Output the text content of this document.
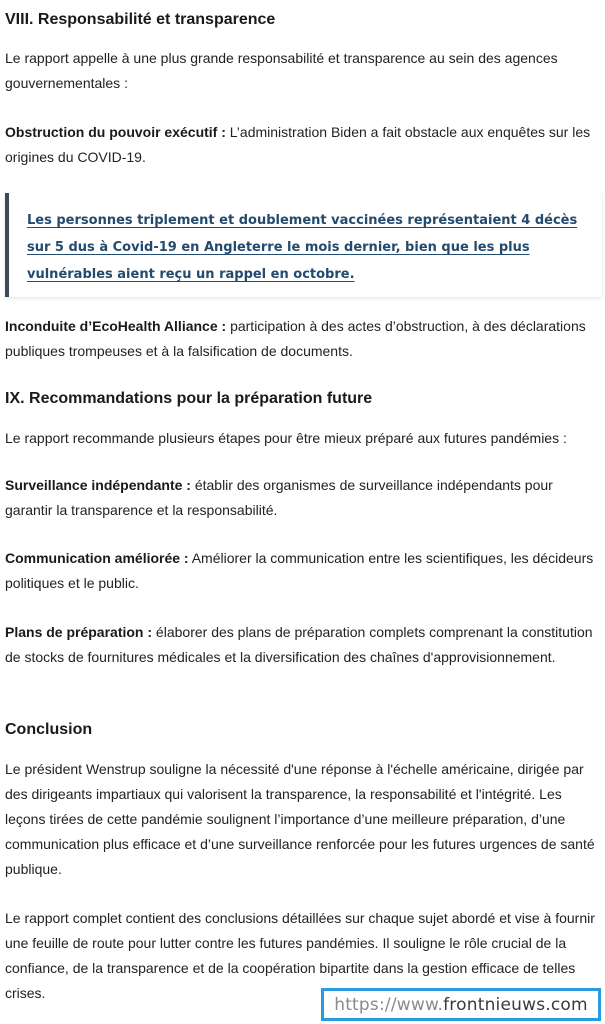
VIII. Responsabilité et transparence

Le rapport appelle à une plus grande responsabilité et transparence au sein des agences gouvernementales :

Obstruction du pouvoir exécutif : L’administration Biden a fait obstacle aux enquêtes sur les origines du COVID-19.

Les personnes triplement et doublement vaccinées représentaient 4 décès sur 5 dus à Covid-19 en Angleterre le mois dernier, bien que les plus vulnérables aient reçu un rappel en octobre.

Inconduite d’EcoHealth Alliance : participation à des actes d’obstruction, à des déclarations publiques trompeuses et à la falsification de documents.

IX. Recommandations pour la préparation future

Le rapport recommande plusieurs étapes pour être mieux préparé aux futures pandémies :

Surveillance indépendante : établir des organismes de surveillance indépendants pour garantir la transparence et la responsabilité.

Communication améliorée : Améliorer la communication entre les scientifiques, les décideurs politiques et le public.

Plans de préparation : élaborer des plans de préparation complets comprenant la constitution de stocks de fournitures médicales et la diversification des chaînes d'approvisionnement.

Conclusion

Le président Wenstrup souligne la nécessité d'une réponse à l'échelle américaine, dirigée par des dirigeants impartiaux qui valorisent la transparence, la responsabilité et l'intégrité. Les leçons tirées de cette pandémie soulignent l’importance d’une meilleure préparation, d’une communication plus efficace et d’une surveillance renforcée pour les futures urgences de santé publique.

Le rapport complet contient des conclusions détaillées sur chaque sujet abordé et vise à fournir une feuille de route pour lutter contre les futures pandémies. Il souligne le rôle crucial de la confiance, de la transparence et de la coopération bipartite dans la gestion efficace de telles crises.

https://www. frontnieuws.com
